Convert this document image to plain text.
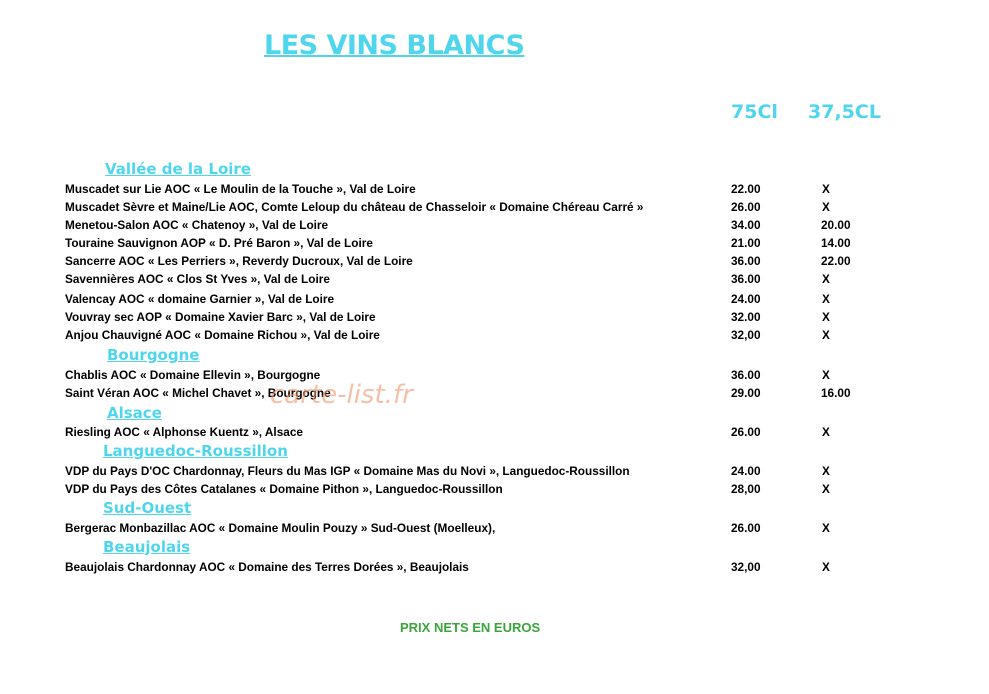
LES VINS BLANCS
75Cl 37,5CL
Vallée de la Loire
Muscadet sur Lie AOC « Le Moulin de la Touche », Val de Loire	22.00	X
Muscadet Sèvre et Maine/Lie AOC, Comte Leloup du château de Chasseloir « Domaine Chéreau Carré »	26.00	X
Menetou-Salon AOC « Chatenoy », Val de Loire	34.00	20.00
Touraine Sauvignon AOP « D. Pré Baron », Val de Loire	21.00	14.00
Sancerre AOC « Les Perriers », Reverdy Ducroux, Val de Loire	36.00	22.00
Savennières AOC « Clos St Yves », Val de Loire	36.00	X
Valencay AOC « domaine Garnier », Val de Loire	24.00	X
Vouvray sec AOP « Domaine Xavier Barc », Val de Loire	32.00	X
Anjou Chauvigné AOC « Domaine Richou », Val de Loire	32,00	X
Bourgogne
Chablis AOC « Domaine Ellevin », Bourgogne	36.00	X
Saint Véran AOC « Michel Chavet », Bourgogne	29.00	16.00
Alsace
Riesling AOC « Alphonse Kuentz », Alsace	26.00	X
Languedoc-Roussillon
VDP du Pays D'OC Chardonnay, Fleurs du Mas IGP « Domaine Mas du Novi », Languedoc-Roussillon	24.00	X
VDP du Pays des Côtes Catalanes « Domaine Pithon », Languedoc-Roussillon	28,00	X
Sud-Ouest
Bergerac Monbazillac AOC « Domaine Moulin Pouzy » Sud-Ouest (Moelleux),	26.00	X
Beaujolais
Beaujolais Chardonnay AOC « Domaine des Terres Dorées », Beaujolais	32,00	X
carte-list.fr
PRIX NETS EN EUROS
